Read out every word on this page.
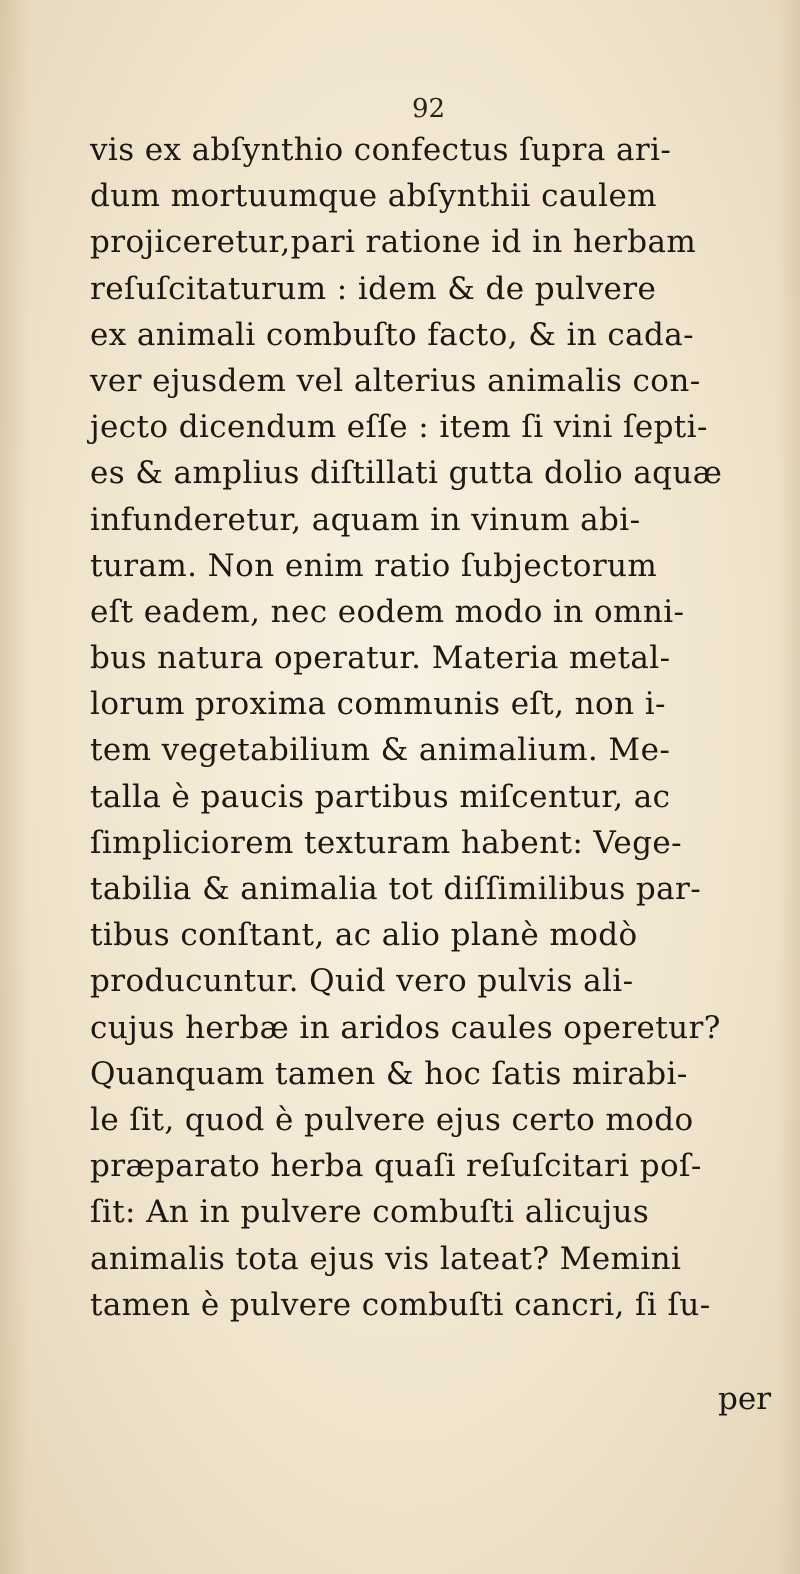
92
vis ex abſynthio confectus ſupra ari-
dum mortuumque abſynthii caulem
projiceretur,pari ratione id in herbam
reſuſcitaturum : idem & de pulvere
ex animali combuſto facto, & in cada-
ver ejusdem vel alterius animalis con-
jecto dicendum eſſe : item ſi vini ſepti-
es & amplius diſtillati gutta dolio aquæ
infunderetur, aquam in vinum abi-
turam. Non enim ratio ſubjectorum
eſt eadem, nec eodem modo in omni-
bus natura operatur. Materia metal-
lorum proxima communis eſt, non i-
tem vegetabilium & animalium. Me-
talla è paucis partibus miſcentur, ac
ſimpliciorem texturam habent: Vege-
tabilia & animalia tot diſſimilibus par-
tibus conſtant, ac alio planè modò
producuntur. Quid vero pulvis ali-
cujus herbæ in aridos caules operetur?
Quanquam tamen & hoc ſatis mirabi-
le ſit, quod è pulvere ejus certo modo
præparato herba quaſi reſuſcitari poſ-
ſit: An in pulvere combuſti alicujus
animalis tota ejus vis lateat? Memini
tamen è pulvere combuſti cancri, ſi ſu-
per
